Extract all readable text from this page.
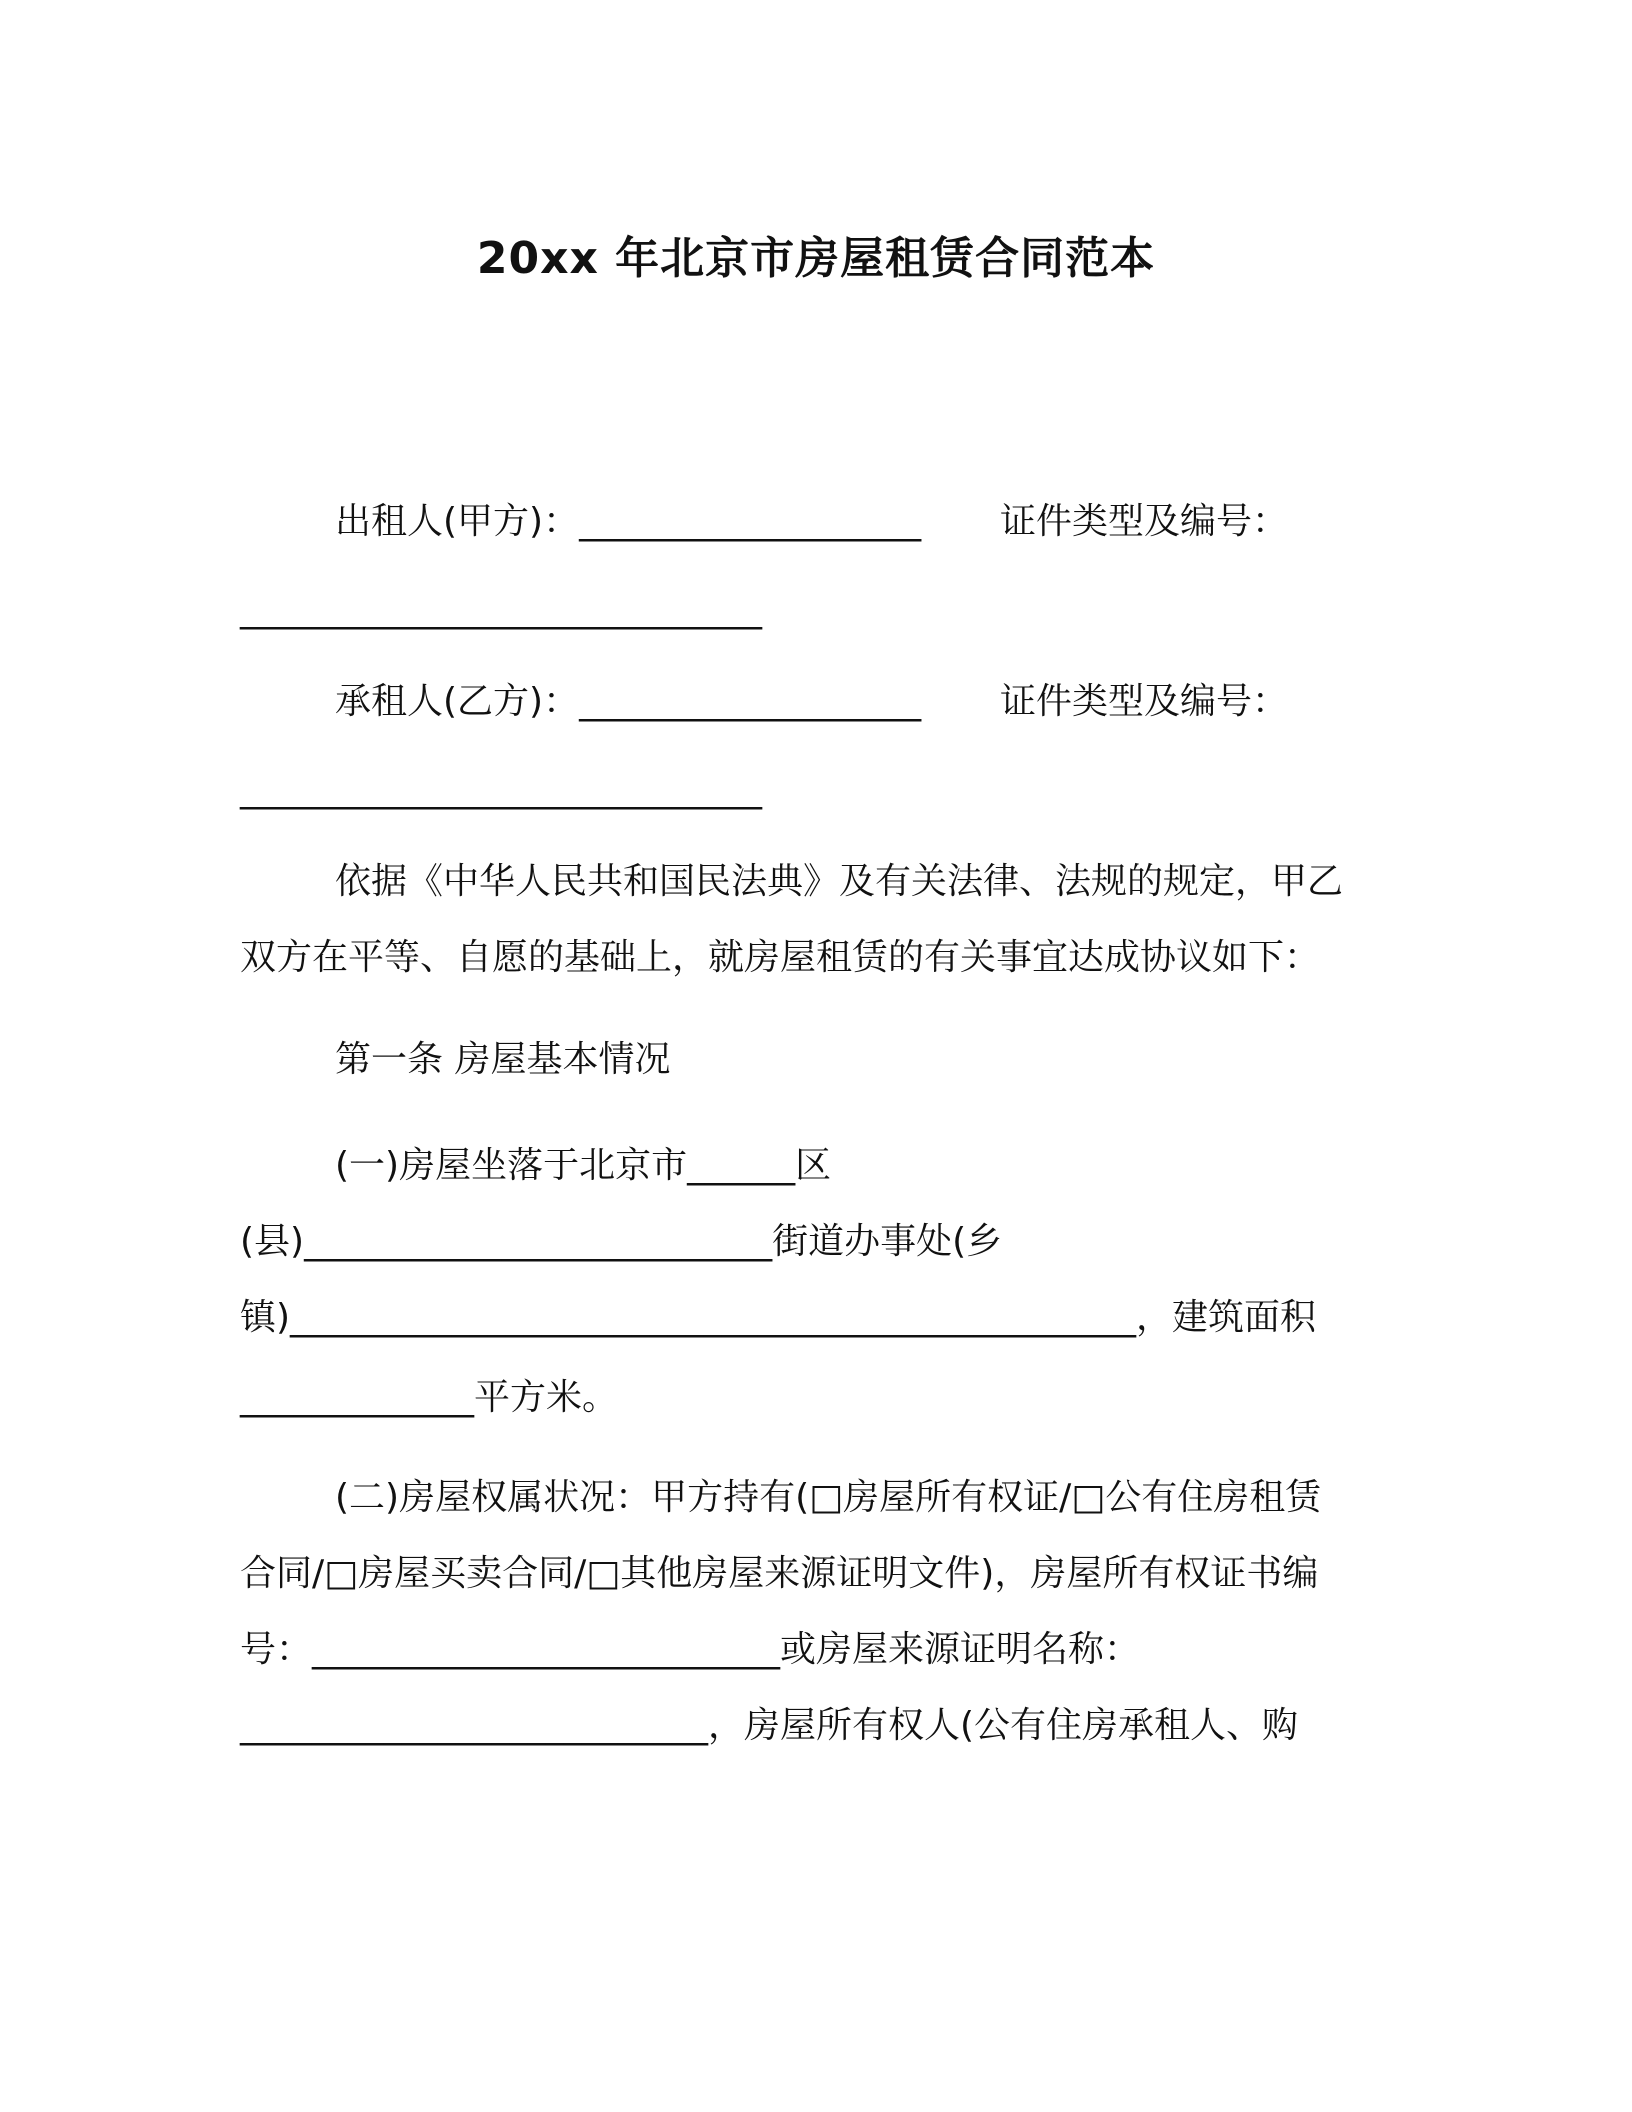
20xx 年北京市房屋租赁合同范本
出租人(甲方)：___________________ 证件类型及编号：
_____________________________
承租人(乙方)：___________________ 证件类型及编号：
_____________________________
依据《中华人民共和国民法典》及有关法律、法规的规定，甲乙
双方在平等、自愿的基础上，就房屋租赁的有关事宜达成协议如下：
第一条 房屋基本情况
(一)房屋坐落于北京市______区
(县)__________________________街道办事处(乡
镇)_______________________________________________，建筑面积
_____________平方米。
(二)房屋权属状况：甲方持有(□房屋所有权证/□公有住房租赁
合同/□房屋买卖合同/□其他房屋来源证明文件)，房屋所有权证书编
号：__________________________或房屋来源证明名称：
__________________________，房屋所有权人(公有住房承租人、购
